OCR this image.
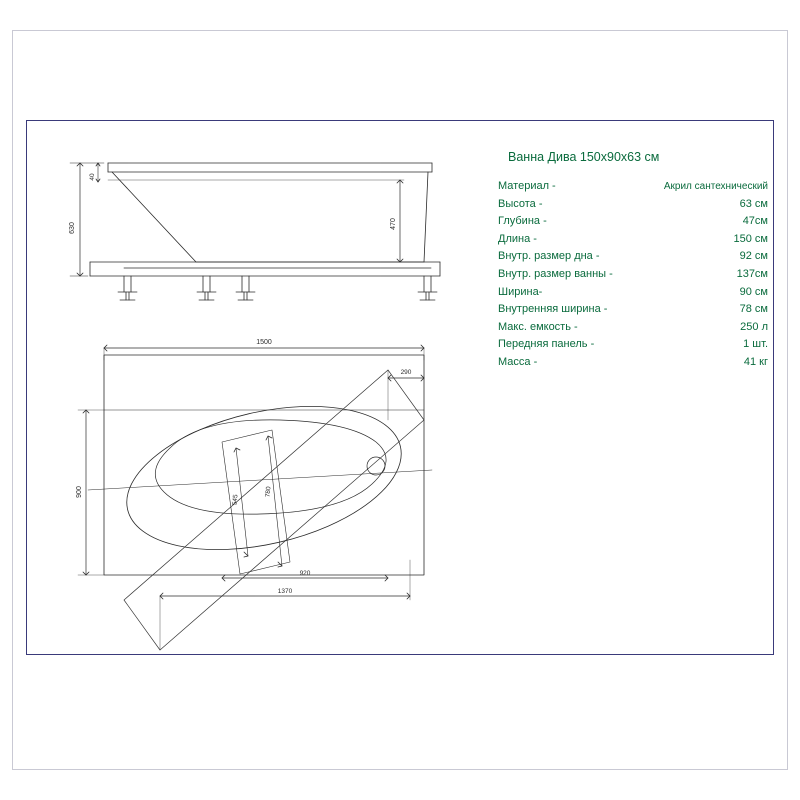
630
40
470
1500
290
900
545
780
920
1370
Ванна Дива 150x90x63 см
Материал -	Акрил сантехнический
Высота -	63 см
Глубина -	47см
Длина -	150 см
Внутр. размер дна -	92 см
Внутр. размер ванны -	137см
Ширина-	90 см
Внутренняя ширина -	78 см
Макс. емкость -	250 л
Передняя панель -	1 шт.
Масса -	41 кг
